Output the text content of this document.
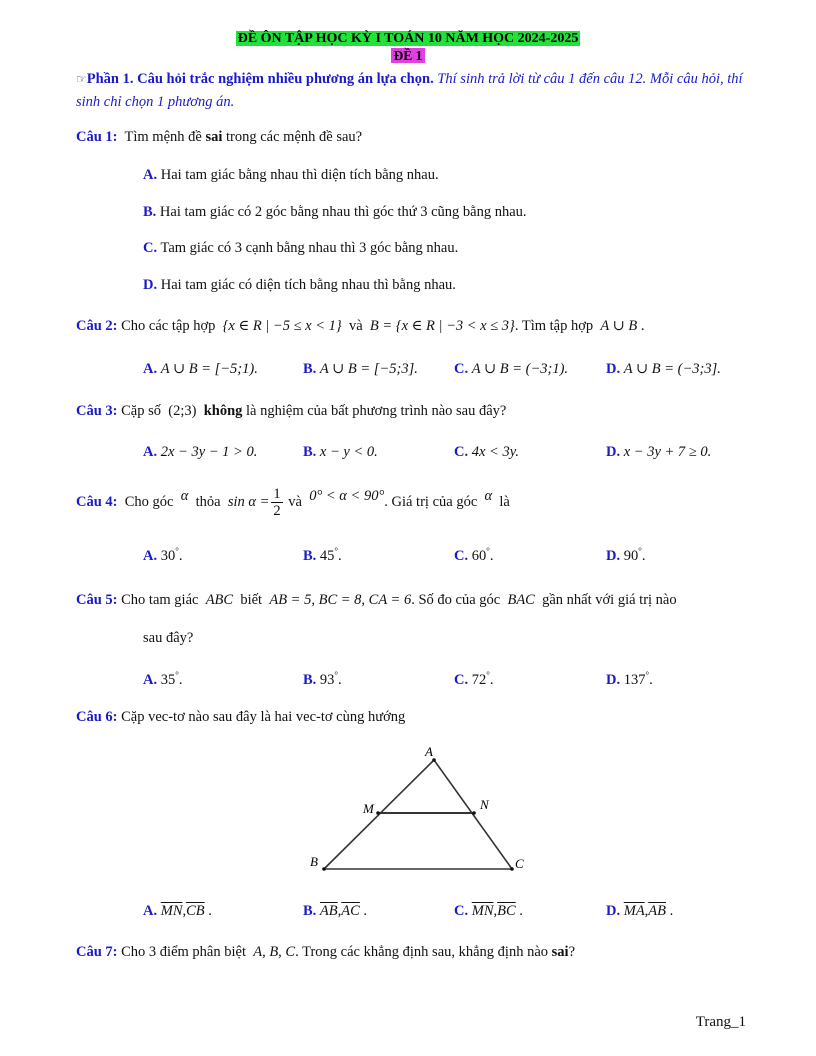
ĐỀ ÔN TẬP HỌC KỲ I TOÁN 10 NĂM HỌC 2024-2025
ĐỀ 1
☞Phần 1. Câu hỏi trắc nghiệm nhiều phương án lựa chọn. Thí sinh trả lời từ câu 1 đến câu 12. Mỗi câu hỏi, thí sinh chỉ chọn 1 phương án.
Câu 1: Tìm mệnh đề sai trong các mệnh đề sau?
A. Hai tam giác bằng nhau thì diện tích bằng nhau.
B. Hai tam giác có 2 góc bằng nhau thì góc thứ 3 cũng bằng nhau.
C. Tam giác có 3 cạnh bằng nhau thì 3 góc bằng nhau.
D. Hai tam giác có diện tích bằng nhau thì bằng nhau.
Câu 2: Cho các tập hợp {x ∈ R | −5 ≤ x < 1} và B = {x ∈ R | −3 < x ≤ 3}. Tìm tập hợp A ∪ B .
A. A ∪ B = [−5;1).	B. A ∪ B = [−5;3]. C. A ∪ B = (−3;1).	D. A ∪ B = (−3;3].
Câu 3: Cặp số (2;3) không là nghiệm của bất phương trình nào sau đây?
A. 2x − 3y − 1 > 0.	B. x − y < 0.	C. 4x < 3y.	D. x − 3y + 7 ≥ 0.
Câu 4: Cho góc α thỏa $\sin \alpha = \frac{1}{2}$ và 0° < α < 90°. Giá trị của góc α là
A. 30°.	B. 45°.	C. 60°.	D. 90°.
Câu 5: Cho tam giác ABC biết AB = 5, BC = 8, CA = 6. Số đo của góc BAC gần nhất với giá trị nào
sau đây?
A. 35°.	B. 93°.	C. 72°.	D. 137°.
Câu 6: Cặp vec-tơ nào sau đây là hai vec-tơ cùng hướng
A
M	N
B	C
A. $\overline{MN},\overline{CB}$ .	B. $\overline{AB},\overline{AC}$ .	C. $\overline{MN},\overline{BC}$ .	D. $\overline{MA},\overline{AB}$ .
Câu 7: Cho 3 điểm phân biệt A, B, C. Trong các khẳng định sau, khẳng định nào sai?
Trang_1
